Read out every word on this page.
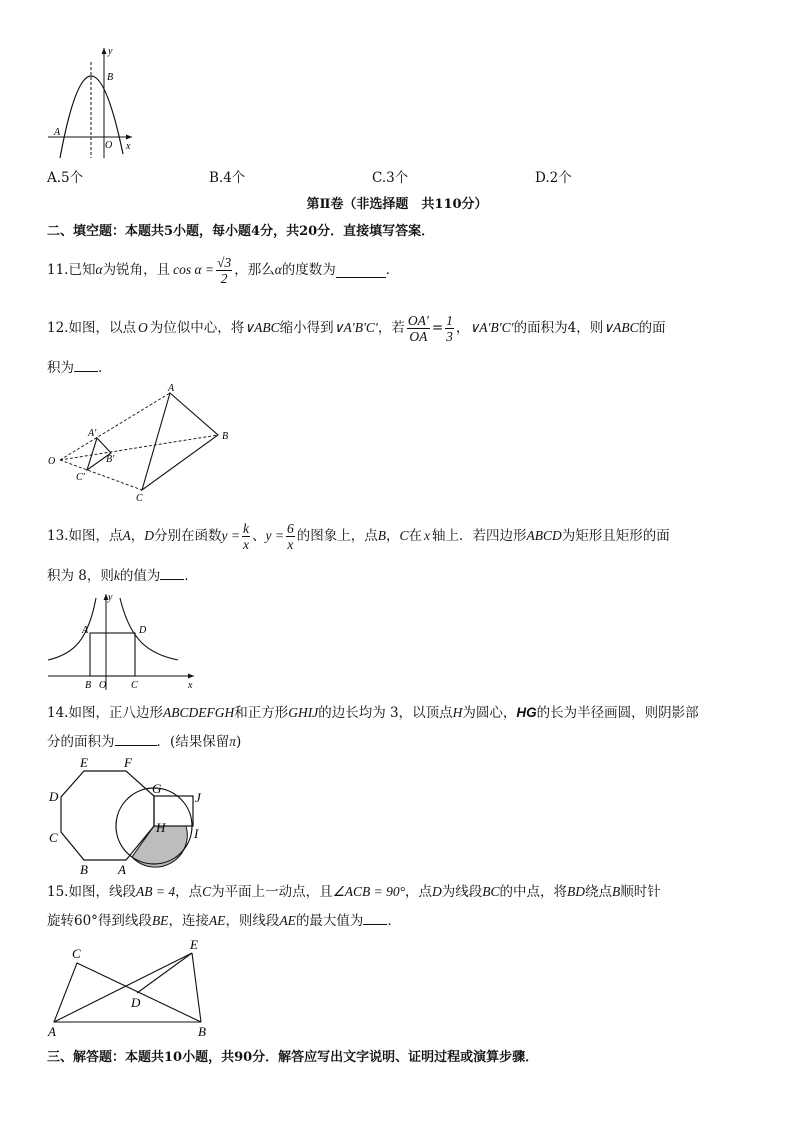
y
x
B
A
O
A.5个	B.4个	C.3个	D.2个
第Ⅱ卷（非选择题　共110分）
二、填空题：本题共5小题，每小题4分，共20分．直接填写答案．
11.已知 α 为锐角，且 $\cos \alpha = \frac{√3}{2}$ ，那么 α 的度数为	．
12.如图，以点 O 为位似中心，将 ∨ABC 缩小得到 ∨A′B′C′ ，若 $\frac{OA'}{OA} = \frac{1}{3}$ ， ∨A′B′C′ 的面积为4，则 ∨ABC 的面
积为 ．
O
A
B
C
A′
B′
C′
13.如图，点 A ， D 分别在函数 $y = \frac{k}{x}$ 、 $y = \frac{6}{x}$ 的图象上，点 B ， C 在 x 轴上．若四边形 ABCD 为矩形且矩形的面
积为 8，则k的值为 ．
y
x
A	D
B O C
14.如图，正八边形ABCDEFGH和正方形GHIJ的边长均为 3，以顶点H为圆心，HG的长为半径画圆，则阴影部
分的面积为	．(结果保留π)
E	F
D
G
J
C
H I
B A
15.如图，线段AB = 4，点C为平面上一动点，且∠ACB = 90°，点D为线段BC的中点，将BD绕点B顺时针
旋转60°得到线段BE，连接AE，则线段AE的最大值为 ．
C
E
D
A	B
三、解答题：本题共10小题，共90分．解答应写出文字说明、证明过程或演算步骤．
